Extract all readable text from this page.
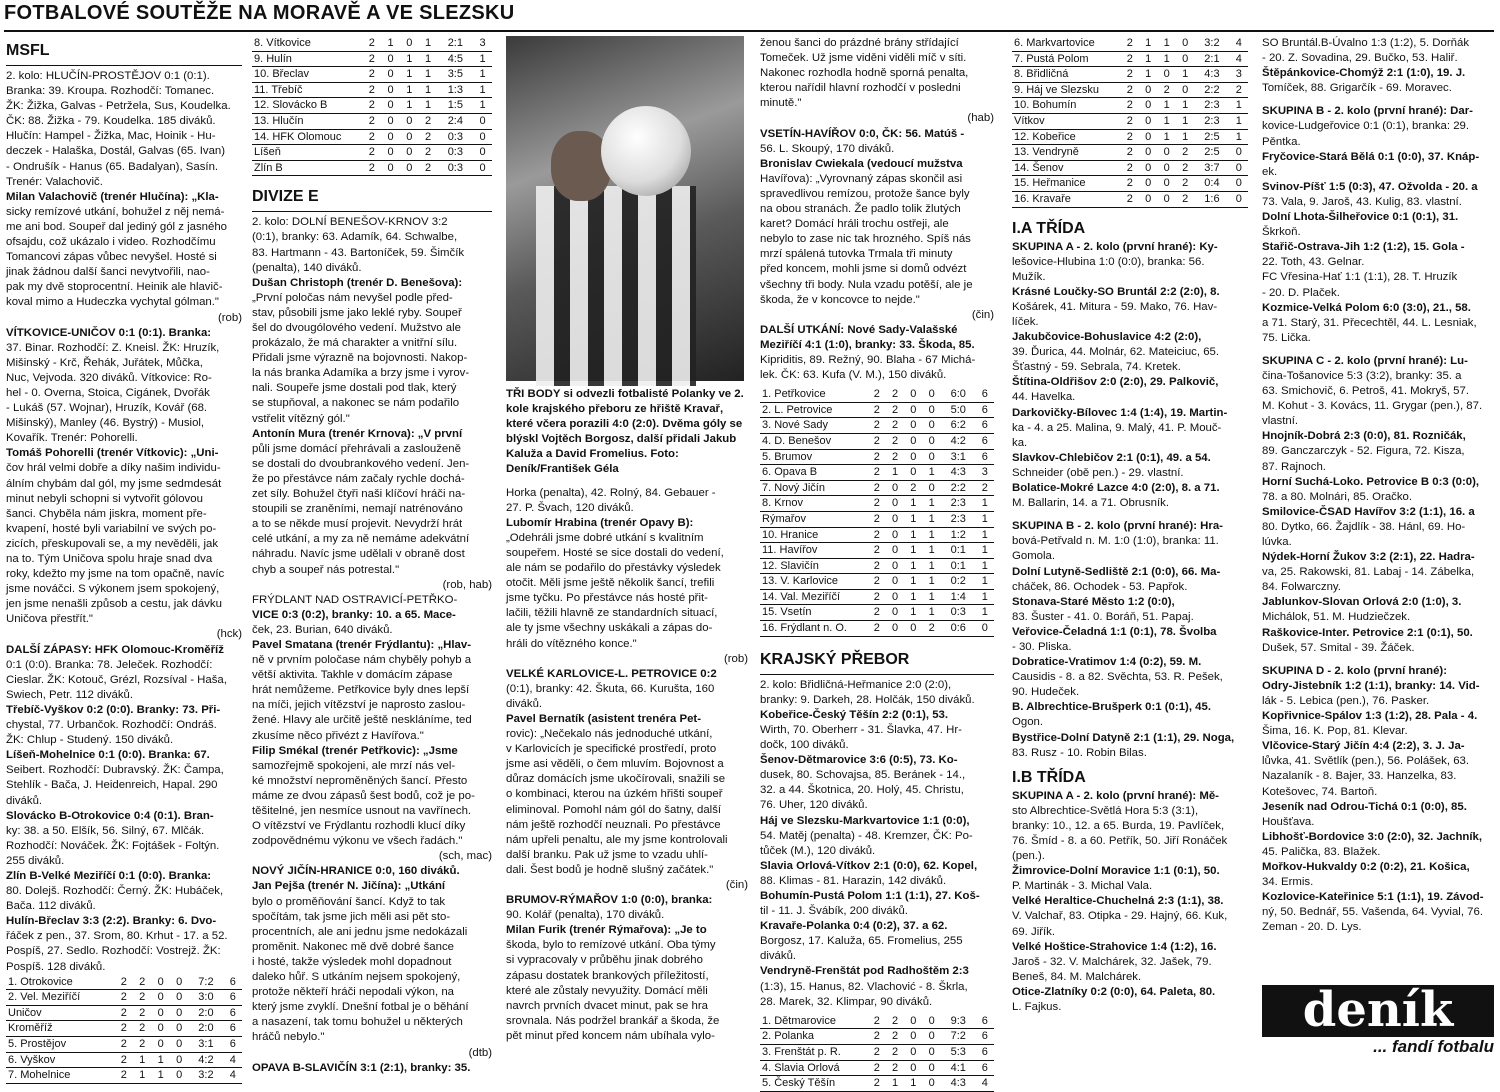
FOTBALOVÉ SOUTĚŽE NA MORAVĚ A VE SLEZSKU
MSFL

2. kolo: HLUČÍN-PROSTĚJOV 0:1 (0:1).

Branka: 39. Kroupa. Rozhodčí: Tomanec.

ŽK: Žižka, Galvas - Petržela, Sus, Koudelka.

ČK: 88. Žižka - 79. Koudelka. 185 diváků.

Hlučín: Hampel - Žižka, Mac, Hoinik - Hu-

deczek - Halaška, Dostál, Galvas (65. Ivan)

- Ondrušík - Hanus (65. Badalyan), Sasín.

Trenér: Valachovič.

Milan Valachovič (trenér Hlučína): „Kla-

sicky remízové utkání, bohužel z něj nemá-

me ani bod. Soupeř dal jediný gól z jasného

ofsajdu, což ukázalo i video. Rozhodčímu

Tomancovi zápas vůbec nevyšel. Hosté si

jinak žádnou další šanci nevytvořili, nao-

pak my dvě stoprocentní. Heinik ale hlavič-

koval mimo a Hudeczka vychytal gólman."

(rob)

VÍTKOVICE-UNIČOV 0:1 (0:1). Branka:

37. Binar. Rozhodčí: Z. Kneisl. ŽK: Hruzík,

Mišinský - Krč, Řehák, Juřátek, Můčka,

Nuc, Vejvoda. 320 diváků. Vítkovice: Ro-

hel - 0. Overna, Stoica, Cigánek, Dvořák

- Lukáš (57. Wojnar), Hruzík, Kovář (68.

Mišinský), Manley (46. Bystrý) - Musiol,

Kovařík. Trenér: Pohorelli.

Tomáš Pohorelli (trenér Vítkovic): „Uni-

čov hrál velmi dobře a díky našim individu-

álním chybám dal gól, my jsme sedmdesát

minut nebyli schopni si vytvořit gólovou

šanci. Chyběla nám jiskra, moment pře-

kvapení, hosté byli variabilní ve svých po-

zicích, přeskupovali se, a my nevěděli, jak

na to. Tým Uničova spolu hraje snad dva

roky, kdežto my jsme na tom opačně, navíc

jsme nováčci. S výkonem jsem spokojený,

jen jsme nenašli způsob a cestu, jak dávku

Uničova přestřít."

(hck)

DALŠÍ ZÁPASY: HFK Olomouc-Kroměříž

0:1 (0:0). Branka: 78. Jeleček. Rozhodčí:

Cieslar. ŽK: Kotouč, Grézl, Rozsíval - Haša,

Swiech, Petr. 112 diváků.

Třebíč-Vyškov 0:2 (0:0). Branky: 73. Při-

chystal, 77. Urbančok. Rozhodčí: Ondráš.

ŽK: Chlup - Studený. 150 diváků.

Líšeň-Mohelnice 0:1 (0:0). Branka: 67.

Seibert. Rozhodčí: Dubravský. ŽK: Čampa,

Stehlík - Bača, J. Heidenreich, Hapal. 290

diváků.

Slovácko B-Otrokovice 0:4 (0:1). Bran-

ky: 38. a 50. Elšík, 56. Silný, 67. Mlčák.

Rozhodčí: Nováček. ŽK: Fojtášek - Foltýn.

255 diváků.

Zlín B-Velké Meziříčí 0:1 (0:0). Branka:

80. Dolejš. Rozhodčí: Černý. ŽK: Hubáček,

Bača. 112 diváků.

Hulín-Břeclav 3:3 (2:2). Branky: 6. Dvo-

řáček z pen., 37. Srom, 80. Krhut - 17. a 52.

Pospíš, 27. Sedlo. Rozhodčí: Vostrejž. ŽK:

Pospíš. 128 diváků.

1. Otrokovice	2	2	0	0	7:2	6
2. Vel. Meziříčí	2	2	0	0	3:0	6
Uničov	2	2	0	0	2:0	6
Kroměříž	2	2	0	0	2:0	6
5. Prostějov	2	2	0	0	3:1	6
6. Vyškov	2	1	1	0	4:2	4
7. Mohelnice	2	1	1	0	3:2	4
8. Vítkovice	2	1	0	1	2:1	3
9. Hulín	2	0	1	1	4:5	1
10. Břeclav	2	0	1	1	3:5	1
11. Třebíč	2	0	1	1	1:3	1
12. Slovácko B	2	0	1	1	1:5	1
13. Hlučín	2	0	0	2	2:4	0
14. HFK Olomouc	2	0	0	2	0:3	0
Líšeň	2	0	0	2	0:3	0
Zlín B	2	0	0	2	0:3	0
DIVIZE E

2. kolo: DOLNÍ BENEŠOV-KRNOV 3:2

(0:1), branky: 63. Adamík, 64. Schwalbe,

83. Hartmann - 43. Bartoníček, 59. Šimčík

(penalta), 140 diváků.

Dušan Christoph (trenér D. Benešova):

„První poločas nám nevyšel podle před-

stav, působili jsme jako leklé ryby. Soupeř

šel do dvougólového vedení. Mužstvo ale

prokázalo, že má charakter a vnitřní sílu.

Přidali jsme výrazně na bojovnosti. Nakop-

la nás branka Adamíka a brzy jsme i vyrov-

nali. Soupeře jsme dostali pod tlak, který

se stupňoval, a nakonec se nám podařilo

vstřelit vítězný gól."

Antonín Mura (trenér Krnova): „V první

půli jsme domácí přehrávali a zaslouženě

se dostali do dvoubrankového vedení. Jen-

že po přestávce nám začaly rychle dochá-

zet síly. Bohužel čtyři naši klíčoví hráči na-

stoupili se zraněními, nemají natrénováno

a to se někde musí projevit. Nevydrží hrát

celé utkání, a my za ně nemáme adekvátní

náhradu. Navíc jsme udělali v obraně dost

chyb a soupeř nás potrestal."

(rob, hab)

FRÝDLANT NAD OSTRAVICÍ-PETŘKO-

VICE 0:3 (0:2), branky: 10. a 65. Mace-

ček, 23. Burian, 640 diváků.

Pavel Smatana (trenér Frýdlantu): „Hlav-

ně v prvním poločase nám chyběly pohyb a

větší aktivita. Takhle v domácím zápase

hrát nemůžeme. Petřkovice byly dnes lepší

na míči, jejich vítězství je naprosto zaslou-

žené. Hlavy ale určitě ještě neskláníme, ted

zkusíme něco přivézt z Havířova."

Filip Smékal (trenér Petřkovic): „Jsme

samozřejmě spokojeni, ale mrzí nás vel-

ké množství neproměněných šancí. Přesto

máme ze dvou zápasů šest bodů, což je po-

těšitelné, jen nesmíce usnout na vavřínech.

O vítězství ve Frýdlantu rozhodli klucí díky

zodpovědnému výkonu ve všech řadách."

(sch, mac)

NOVÝ JIČÍN-HRANICE 0:0, 160 diváků.

Jan Pejša (trenér N. Jičína): „Utkání

bylo o proměňování šancí. Když to tak

spočítám, tak jsme jich měli asi pět sto-

procentních, ale ani jednu jsme nedokázali

proměnit. Nakonec mě dvě dobré šance

i hosté, takže výsledek mohl dopadnout

daleko hůř. S utkáním nejsem spokojený,

protože někteří hráči nepodali výkon, na

který jsme zvyklí. Dnešní fotbal je o běhání

a nasazení, tak tomu bohužel u některých

hráčů nebylo."

(dtb)

OPAVA B-SLAVIČÍN 3:1 (2:1), branky: 35.

TŘI BODY si odvezli fotbalisté Polanky ve 2. kole krajského přeboru ze hřiště Kravař, které včera porazili 4:0 (2:0). Dvěma góly se blýskl Vojtěch Borgosz, další přidali Jakub Kaluža a David Fromelius. Foto: Deník/František Géla

Horka (penalta), 42. Rolný, 84. Gebauer -

27. P. Švach, 120 diváků.

Lubomír Hrabina (trenér Opavy B):

„Odehráli jsme dobré utkání s kvalitním

soupeřem. Hosté se sice dostali do vedení,

ale nám se podařilo do přestávky výsledek

otočit. Měli jsme ještě několik šancí, trefili

jsme tyčku. Po přestávce nás hosté přit-

lačili, těžili hlavně ze standardních situací,

ale ty jsme všechny uskákali a zápas do-

hráli do vítězného konce."

(rob)

VELKÉ KARLOVICE-L. PETROVICE 0:2

(0:1), branky: 42. Škuta, 66. Kurušta, 160

diváků.

Pavel Bernatík (asistent trenéra Pet-

rovic): „Nečekalo nás jednoduché utkání,

v Karlovicích je specifické prostředí, proto

jsme asi věděli, o čem mluvím. Bojovnost a

důraz domácích jsme ukočírovali, snažili se

o kombinaci, kterou na úzkém hřišti soupeř

eliminoval. Pomohl nám gól do šatny, další

nám ještě rozhodčí neuznali. Po přestávce

nám upřeli penaltu, ale my jsme kontrolovali

další branku. Pak už jsme to vzadu uhlí-

dali. Šest bodů je hodně slušný začátek."

(čin)

BRUMOV-RÝMAŘOV 1:0 (0:0), branka:

90. Kolář (penalta), 170 diváků.

Milan Furik (trenér Rýmařova): „Je to

škoda, bylo to remízové utkání. Oba týmy

si vypracovaly v průběhu jinak dobrého

zápasu dostatek brankových příležitostí,

které ale zůstaly nevyužity. Domácí měli

navrch prvních dvacet minut, pak se hra

srovnala. Nás podržel brankář a škoda, že

pět minut před koncem nám ubíhala vylo-

ženou šanci do prázdné brány střídající

Tomeček. Už jsme viděni viděli míč v síti.

Nakonec rozhodla hodně sporná penalta,

kterou nařídil hlavní rozhodčí v posledni

minutě."

(hab)

VSETÍN-HAVÍŘOV 0:0, ČK: 56. Matúš -

56. L. Skoupý, 170 diváků.

Bronislav Cwiekala (vedoucí mužstva

Havířova): „Vyrovnaný zápas skončil asi

spravedlivou remízou, protože šance byly

na obou stranách. Že padlo tolik žlutých

karet? Domácí hráli trochu ostřeji, ale

nebylo to zase nic tak hrozného. Spíš nás

mrzí spálená tutovka Trmala tři minuty

před koncem, mohli jsme si domů odvézt

všechny tři body. Nula vzadu potěší, ale je

škoda, že v koncovce to nejde."

(čin)

DALŠÍ UTKÁNÍ: Nové Sady-Valašské

Meziříčí 4:1 (1:0), branky: 33. Škoda, 85.

Kipriditis, 89. Režný, 90. Blaha - 67 Michá-

lek. ČK: 63. Kufa (V. M.), 150 diváků.

1. Petřkovice	2	2	0	0	6:0	6
2. L. Petrovice	2	2	0	0	5:0	6
3. Nové Sady	2	2	0	0	6:2	6
4. D. Benešov	2	2	0	0	4:2	6
5. Brumov	2	2	0	0	3:1	6
6. Opava B	2	1	0	1	4:3	3
7. Nový Jičín	2	0	2	0	2:2	2
8. Krnov	2	0	1	1	2:3	1
Rýmařov	2	0	1	1	2:3	1
10. Hranice	2	0	1	1	1:2	1
11. Havířov	2	0	1	1	0:1	1
12. Slavičín	2	0	1	1	0:1	1
13. V. Karlovice	2	0	1	1	0:2	1
14. Val. Meziříčí	2	0	1	1	1:4	1
15. Vsetín	2	0	1	1	0:3	1
16. Frýdlant n. O.	2	0	0	2	0:6	0
KRAJSKÝ PŘEBOR

2. kolo: Břidličná-Heřmanice 2:0 (2:0),

branky: 9. Darkeh, 28. Holčák, 150 diváků.

Kobeřice-Český Těšín 2:2 (0:1), 53.

Wirth, 70. Oberherr - 31. Šlavka, 47. Hr-

dočk, 100 diváků.

Šenov-Dětmarovice 3:6 (0:5), 73. Ko-

dusek, 80. Schovajsa, 85. Beránek - 14.,

32. a 44. Škotnica, 20. Holý, 45. Christu,

76. Uher, 120 diváků.

Háj ve Slezsku-Markvartovice 1:1 (0:0),

54. Matěj (penalta) - 48. Kremzer, ČK: Po-

tůček (M.), 120 diváků.

Slavia Orlová-Vítkov 2:1 (0:0), 62. Kopel,

88. Klimas - 81. Harazin, 142 diváků.

Bohumín-Pustá Polom 1:1 (1:1), 27. Koš-

til - 11. J. Švábík, 200 diváků.

Kravaře-Polanka 0:4 (0:2), 37. a 62.

Borgosz, 17. Kaluža, 65. Fromelius, 255

diváků.

Vendryně-Frenštát pod Radhoštěm 2:3

(1:3), 15. Hanus, 82. Vlachović - 8. Škrla,

28. Marek, 32. Klimpar, 90 diváků.

1. Dětmarovice	2	2	0	0	9:3	6
2. Polanka	2	2	0	0	7:2	6
3. Frenštát p. R.	2	2	0	0	5:3	6
4. Slavia Orlová	2	2	0	0	4:1	6
5. Český Těšín	2	1	1	0	4:3	4
6. Markvartovice	2	1	1	0	3:2	4
7. Pustá Polom	2	1	1	0	2:1	4
8. Břidličná	2	1	0	1	4:3	3
9. Háj ve Slezsku	2	0	2	0	2:2	2
10. Bohumín	2	0	1	1	2:3	1
Vítkov	2	0	1	1	2:3	1
12. Kobeřice	2	0	1	1	2:5	1
13. Vendryně	2	0	0	2	2:5	0
14. Šenov	2	0	0	2	3:7	0
15. Heřmanice	2	0	0	2	0:4	0
16. Kravaře	2	0	0	2	1:6	0
I.A TŘÍDA

SKUPINA A - 2. kolo (první hrané): Ky-

lešovice-Hlubina 1:0 (0:0), branka: 56.

Mužík.

Krásné Loučky-SO Bruntál 2:2 (2:0), 8.

Košárek, 41. Mitura - 59. Mako, 76. Hav-

líček.

Jakubčovice-Bohuslavice 4:2 (2:0),

39. Ďurica, 44. Molnár, 62. Mateiciuc, 65.

Šťastný - 59. Sebrala, 74. Kretek.

Štítina-Oldřišov 2:0 (2:0), 29. Palkovič,

44. Havelka.

Darkovičky-Bílovec 1:4 (1:4), 19. Martin-

ka - 4. a 25. Malina, 9. Malý, 41. P. Mouč-

ka.

Slavkov-Chlebičov 2:1 (0:1), 49. a 54.

Schneider (obě pen.) - 29. vlastní.

Bolatice-Mokré Lazce 4:0 (2:0), 8. a 71.

M. Ballarin, 14. a 71. Obrusník.

SKUPINA B - 2. kolo (první hrané): Hra-

bová-Petřvald n. M. 1:0 (1:0), branka: 11.

Gomola.

Dolní Lutyně-Sedliště 2:1 (0:0), 66. Ma-

cháček, 86. Ochodek - 53. Papřok.

Stonava-Staré Město 1:2 (0:0),

83. Šuster - 41. 0. Boráň, 51. Papaj.

Veřovice-Čeladná 1:1 (0:1), 78. Švolba

- 30. Pliska.

Dobratice-Vratimov 1:4 (0:2), 59. M.

Causidis - 8. a 82. Svěchta, 53. R. Pešek,

90. Hudeček.

B. Albrechtice-Brušperk 0:1 (0:1), 45.

Ogon.

Bystřice-Dolní Datyně 2:1 (1:1), 29. Noga,

83. Rusz - 10. Robin Bilas.

I.B TŘÍDA

SKUPINA A - 2. kolo (první hrané): Mě-

sto Albrechtice-Světlá Hora 5:3 (3:1),

branky: 10., 12. a 65. Burda, 19. Pavlíček,

76. Šmíd - 8. a 60. Petřík, 50. Jiří Ronáček

(pen.).

Žimrovice-Dolní Moravice 1:1 (0:1), 50.

P. Martinák - 3. Michal Vala.

Velké Heraltice-Chuchelná 2:3 (1:1), 38.

V. Valchař, 83. Otipka - 29. Hajný, 66. Kuk,

69. Jiřík.

Velké Hoštice-Strahovice 1:4 (1:2), 16.

Jaroš - 32. V. Malchárek, 32. Jašek, 79.

Beneš, 84. M. Malchárek.

Otice-Zlatníky 0:2 (0:0), 64. Paleta, 80.

L. Fajkus.

SO Bruntál.B-Úvalno 1:3 (1:2), 5. Dorňák

- 20. Z. Sovadina, 29. Bučko, 53. Haliř.

Štěpánkovice-Chomýž 2:1 (1:0), 19. J.

Tomíček, 88. Grigarčík - 69. Moravec.

SKUPINA B - 2. kolo (první hrané): Dar-

kovice-Ludgeřovice 0:1 (0:1), branka: 29.

Pěntka.

Fryčovice-Stará Bělá 0:1 (0:0), 37. Knáp-

ek.

Svinov-Píšť 1:5 (0:3), 47. Ožvolda - 20. a

73. Vala, 9. Jaroš, 43. Kulig, 83. vlastní.

Dolní Lhota-Šilheřovice 0:1 (0:1), 31.

Škrkoň.

Stařič-Ostrava-Jih 1:2 (1:2), 15. Gola -

22. Toth, 43. Gelnar.

FC Vřesina-Hať 1:1 (1:1), 28. T. Hruzík

- 20. D. Plaček.

Kozmice-Velká Polom 6:0 (3:0), 21., 58.

a 71. Starý, 31. Přecechtěl, 44. L. Lesniak,

75. Lička.

SKUPINA C - 2. kolo (první hrané): Lu-

čina-Tošanovice 5:3 (3:2), branky: 35. a

63. Smichovič, 6. Petroš, 41. Mokryš, 57.

M. Kohut - 3. Kovács, 11. Grygar (pen.), 87.

vlastní.

Hnojník-Dobrá 2:3 (0:0), 81. Rozničák,

89. Ganczarczyk - 52. Figura, 72. Kisza,

87. Rajnoch.

Horní Suchá-Loko. Petrovice B 0:3 (0:0),

78. a 80. Molnári, 85. Oračko.

Smilovice-ČSAD Havířov 3:2 (1:1), 16. a

80. Dytko, 66. Žajdlík - 38. Hánl, 69. Ho-

lúvka.

Nýdek-Horní Žukov 3:2 (2:1), 22. Hadra-

va, 25. Rakowski, 81. Labaj - 14. Zábelka,

84. Folwarczny.

Jablunkov-Slovan Orlová 2:0 (1:0), 3.

Michálok, 51. M. Hudziečzek.

Raškovice-Inter. Petrovice 2:1 (0:1), 50.

Dušek, 57. Smital - 39. Žáček.

SKUPINA D - 2. kolo (první hrané):

Odry-Jistebník 1:2 (1:1), branky: 14. Vid-

lák - 5. Lebica (pen.), 76. Pasker.

Kopřivnice-Spálov 1:3 (1:2), 28. Pala - 4.

Šima, 16. K. Pop, 81. Klevar.

Vlčovice-Starý Jičín 4:4 (2:2), 3. J. Ja-

lůvka, 41. Světlík (pen.), 56. Polášek, 63.

Nazalaník - 8. Bajer, 33. Hanzelka, 83.

Kotešovec, 74. Bartoň.

Jeseník nad Odrou-Tichá 0:1 (0:0), 85.

Houšťava.

Libhošť-Bordovice 3:0 (2:0), 32. Jachník,

45. Palička, 83. Blažek.

Mořkov-Hukvaldy 0:2 (0:2), 21. Košica,

34. Ermis.

Kozlovice-Kateřinice 5:1 (1:1), 19. Závod-

ný, 50. Bednář, 55. Vašenda, 64. Vyvial, 76.

Zeman - 20. D. Lys.

deník
... fandí fotbalu
